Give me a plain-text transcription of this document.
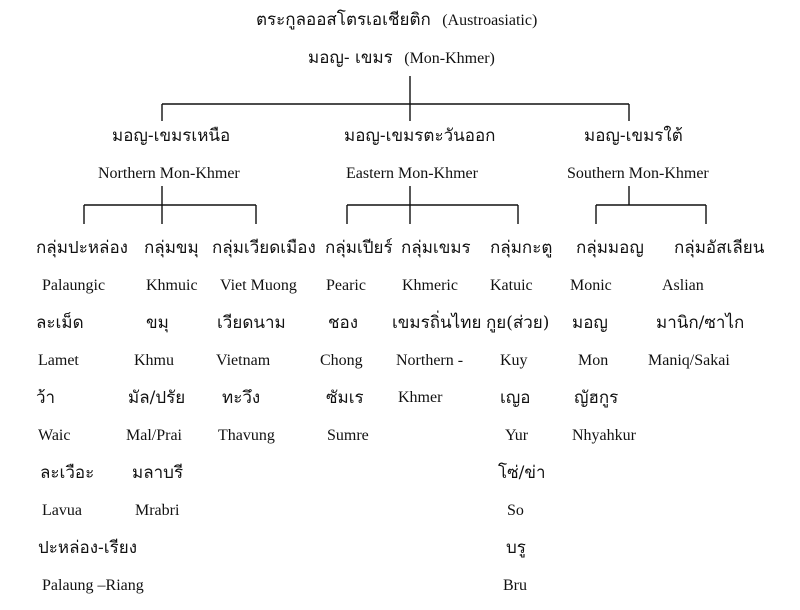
ตระกูลออสโตรเอเชียติก (Austroasiatic)
มอญ- เขมร (Mon-Khmer)
มอญ-เขมรเหนือ
Northern Mon-Khmer
มอญ-เขมรตะวันออก
Eastern Mon-Khmer
มอญ-เขมรใต้
Southern Mon-Khmer
กลุ่มปะหล่อง กลุ่มขมุ กลุ่มเวียดเมือง กลุ่มเปียร์ กลุ่มเขมร กลุ่มกะตู กลุ่มมอญ กลุ่มอัสเลียน
Palaungic	Khmuic Viet Muong Pearic Khmeric Katuic Monic	Aslian
ละเม็ด
Lamet
ว้า
Waic
ละเวือะ
Lavua
ปะหล่อง-เรียง
Palaung –Riang
ขมุ
Khmu
มัล/ปรัย
Mal/Prai
มลาบรี
Mrabri
เวียดนาม
Vietnam
ทะวึง
Thavung
ชอง
Chong
ซัมเร
Sumre
เขมรถิ่นไทย
Northern -
Khmer
กูย(ส่วย)
Kuy
เญอ
Yur
โซ่/ข่า
So
บรู
Bru
มอญ
Mon
ญัฮกูร
Nhyahkur
มานิก/ซาไก
Maniq/Sakai
